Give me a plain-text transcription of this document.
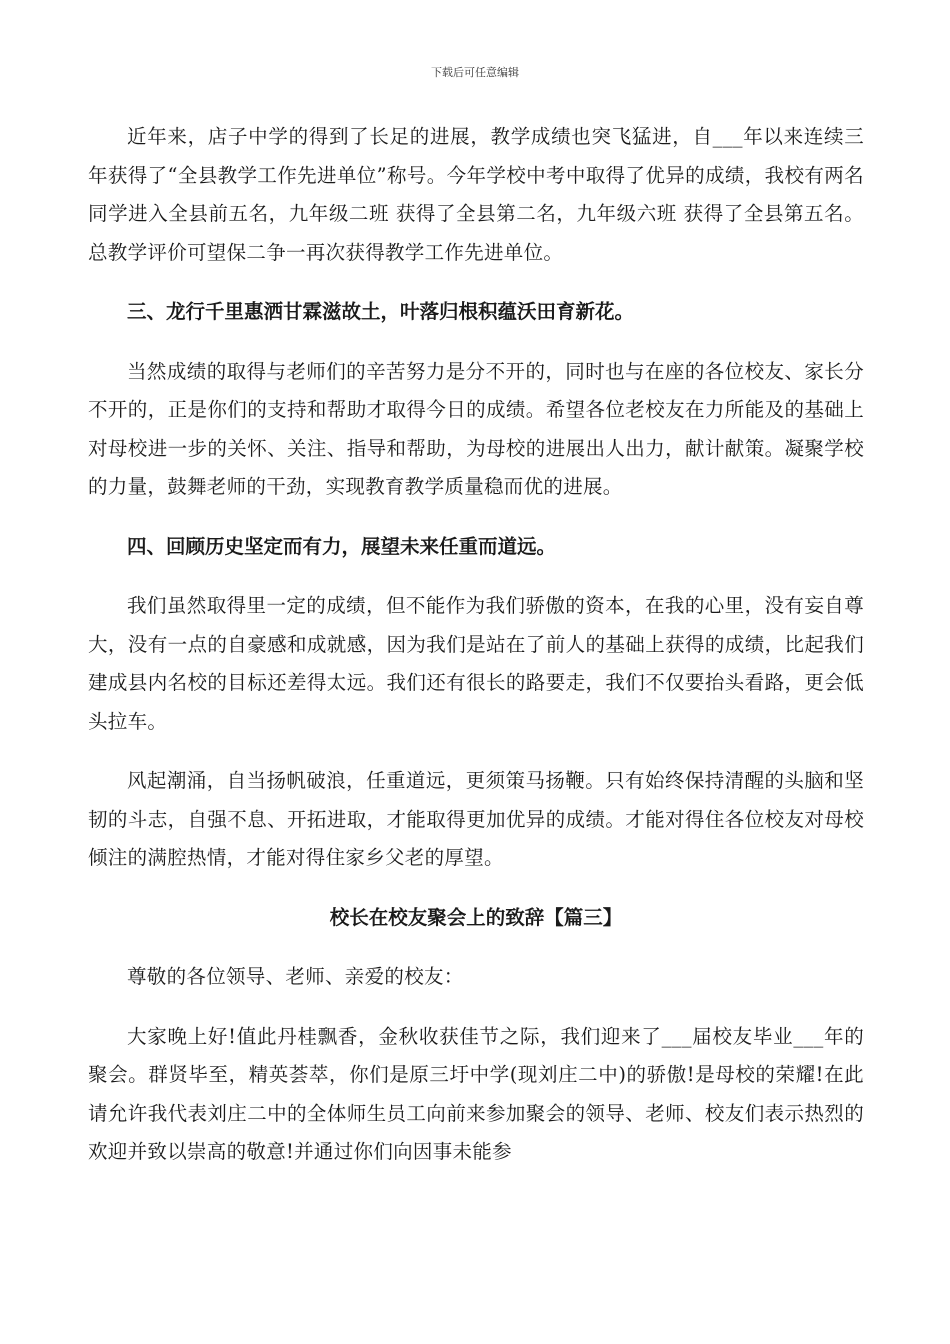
下载后可任意编辑

近年来，店子中学的得到了长足的进展，教学成绩也突飞猛进，自___年以来连续三年获得了“全县教学工作先进单位”称号。今年学校中考中取得了优异的成绩，我校有两名同学进入全县前五名，九年级二班 获得了全县第二名，九年级六班 获得了全县第五名。总教学评价可望保二争一再次获得教学工作先进单位。

三、龙行千里惠洒甘霖滋故土，叶落归根积蕴沃田育新花。

当然成绩的取得与老师们的辛苦努力是分不开的，同时也与在座的各位校友、家长分不开的，正是你们的支持和帮助才取得今日的成绩。希望各位老校友在力所能及的基础上对母校进一步的关怀、关注、指导和帮助，为母校的进展出人出力，献计献策。凝聚学校的力量，鼓舞老师的干劲，实现教育教学质量稳而优的进展。

四、回顾历史坚定而有力，展望未来任重而道远。

我们虽然取得里一定的成绩，但不能作为我们骄傲的资本，在我的心里，没有妄自尊大，没有一点的自豪感和成就感，因为我们是站在了前人的基础上获得的成绩，比起我们建成县内名校的目标还差得太远。我们还有很长的路要走，我们不仅要抬头看路，更会低头拉车。

风起潮涌，自当扬帆破浪，任重道远，更须策马扬鞭。只有始终保持清醒的头脑和坚韧的斗志，自强不息、开拓进取，才能取得更加优异的成绩。才能对得住各位校友对母校倾注的满腔热情，才能对得住家乡父老的厚望。

校长在校友聚会上的致辞【篇三】

尊敬的各位领导、老师、亲爱的校友：

大家晚上好!值此丹桂飘香，金秋收获佳节之际，我们迎来了___届校友毕业___年的聚会。群贤毕至，精英荟萃，你们是原三圩中学(现刘庄二中)的骄傲!是母校的荣耀!在此请允许我代表刘庄二中的全体师生员工向前来参加聚会的领导、老师、校友们表示热烈的欢迎并致以崇高的敬意!并通过你们向因事未能参
